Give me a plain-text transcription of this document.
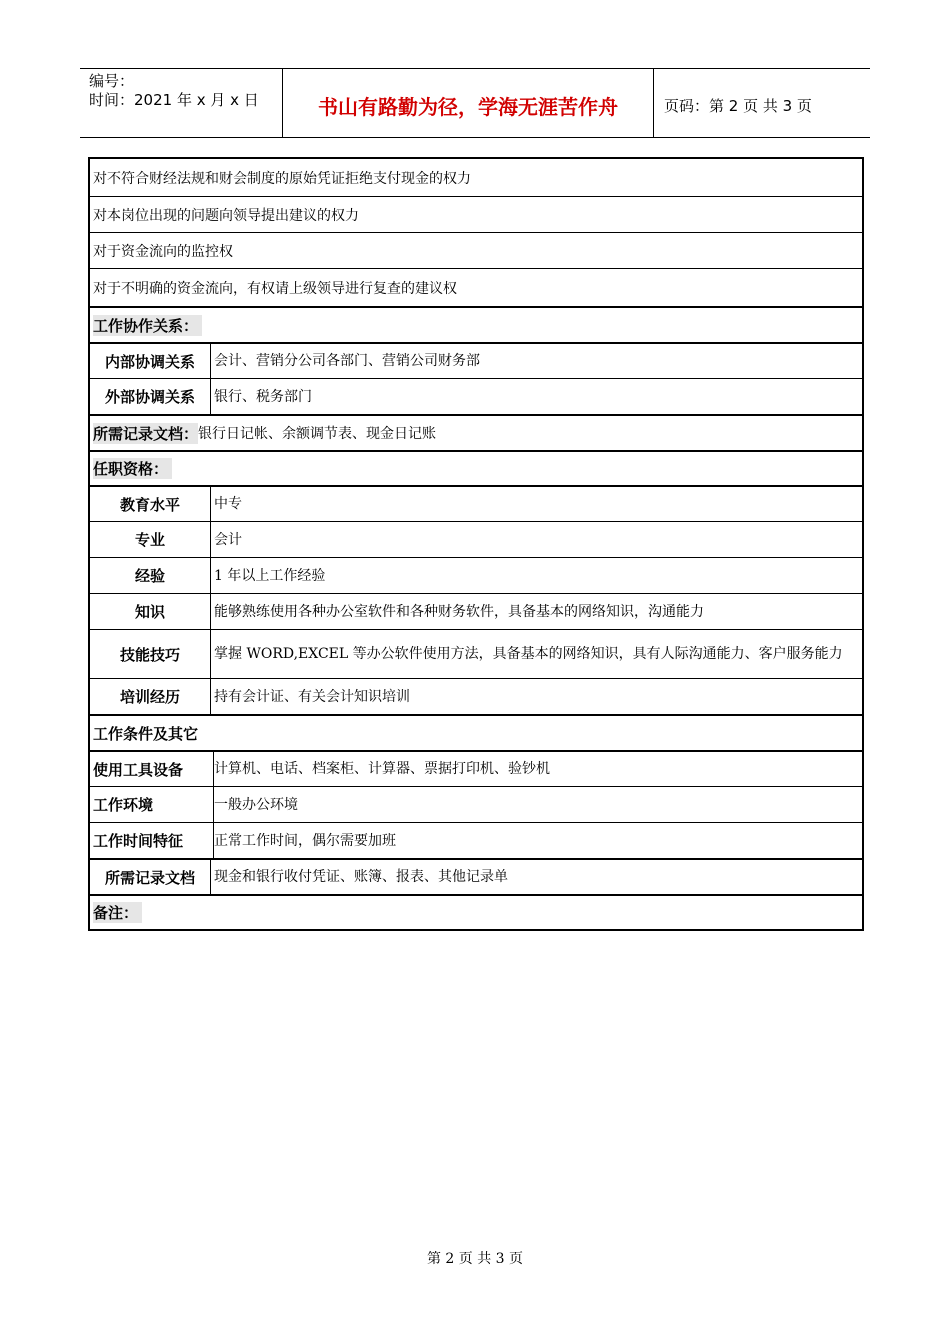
编号：
时间：2021 年 x 月 x 日	书山有路勤为径，学海无涯苦作舟	页码：第 2 页 共 3 页
对不符合财经法规和财会制度的原始凭证拒绝支付现金的权力
对本岗位出现的问题向领导提出建议的权力
对于资金流向的监控权
对于不明确的资金流向，有权请上级领导进行复查的建议权
工作协作关系：
内部协调关系	会计、营销分公司各部门、营销公司财务部
外部协调关系	银行、税务部门
所需记录文档： 银行日记帐、余额调节表、现金日记账
任职资格：
教育水平	中专
专业	会计
经验	1 年以上工作经验
知识	能够熟练使用各种办公室软件和各种财务软件，具备基本的网络知识，沟通能力
技能技巧	掌握 WORD,EXCEL 等办公软件使用方法，具备基本的网络知识，具有人际沟通能力、客户服务能力
培训经历	持有会计证、有关会计知识培训
工作条件及其它
使用工具设备	计算机、电话、档案柜、计算器、票据打印机、验钞机
工作环境	一般办公环境
工作时间特征	正常工作时间，偶尔需要加班
所需记录文档	现金和银行收付凭证、账簿、报表、其他记录单
备注：
第 2 页 共 3 页
